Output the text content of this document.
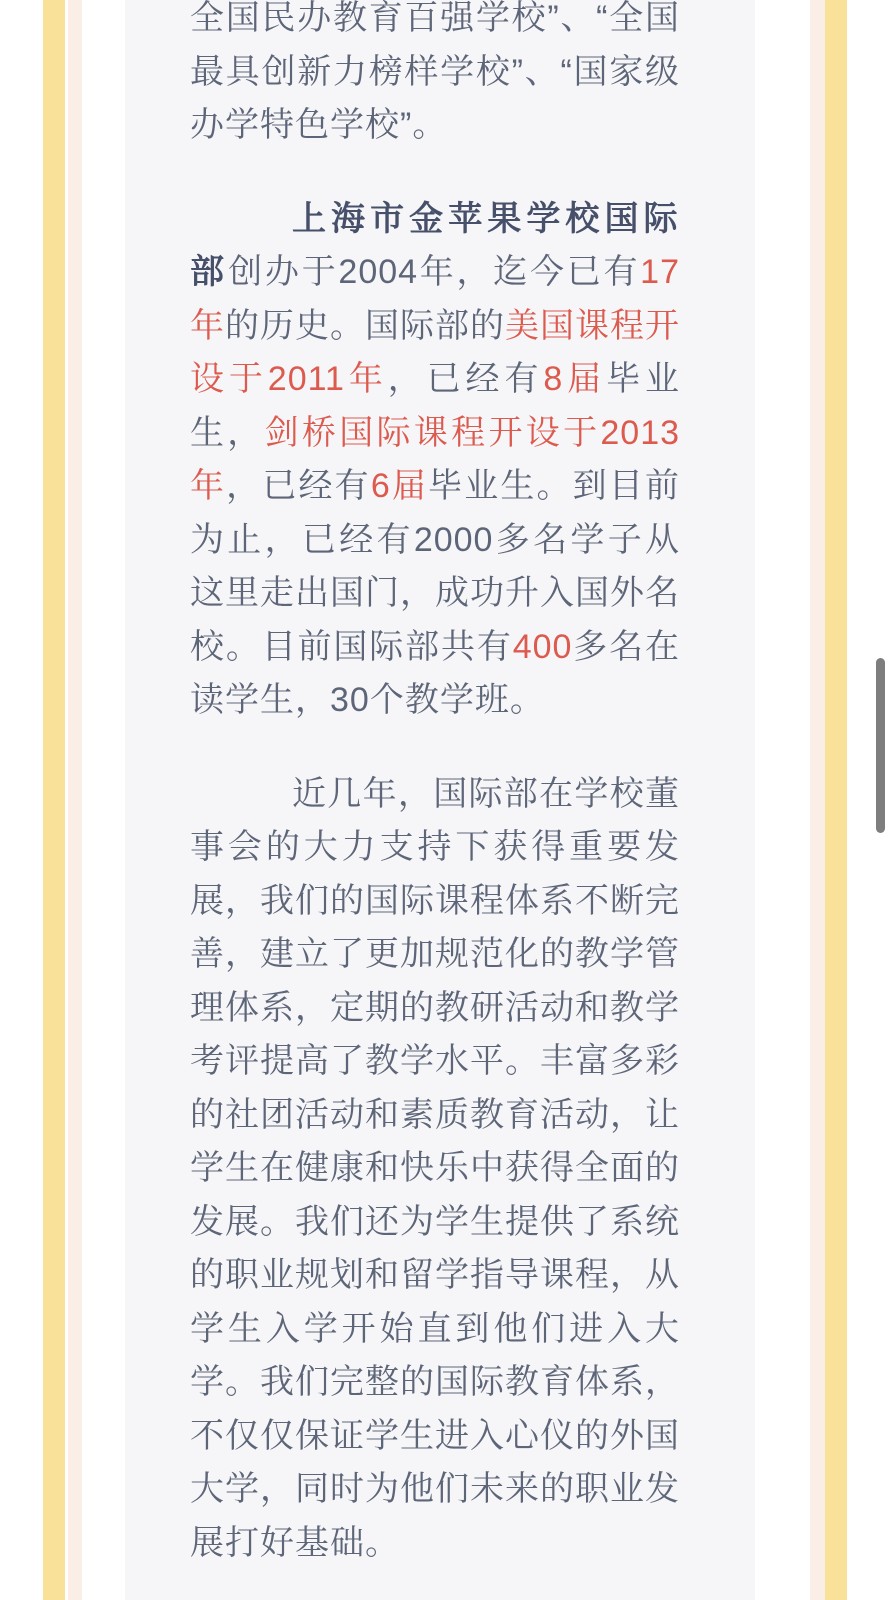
全国民办教育百强学校”、“全国最具创新力榜样学校”、“国家级办学特色学校”。

上海市金苹果学校国际部创办于2004年，迄今已有17年的历史。国际部的美国课程开设于2011年，已经有8届毕业生，剑桥国际课程开设于2013年，已经有6届毕业生。到目前为止，已经有2000多名学子从这里走出国门，成功升入国外名校。目前国际部共有400多名在读学生，30个教学班。

近几年，国际部在学校董事会的大力支持下获得重要发展，我们的国际课程体系不断完善，建立了更加规范化的教学管理体系，定期的教研活动和教学考评提高了教学水平。丰富多彩的社团活动和素质教育活动，让学生在健康和快乐中获得全面的发展。我们还为学生提供了系统的职业规划和留学指导课程，从学生入学开始直到他们进入大学。我们完整的国际教育体系，不仅仅保证学生进入心仪的外国大学，同时为他们未来的职业发展打好基础。
